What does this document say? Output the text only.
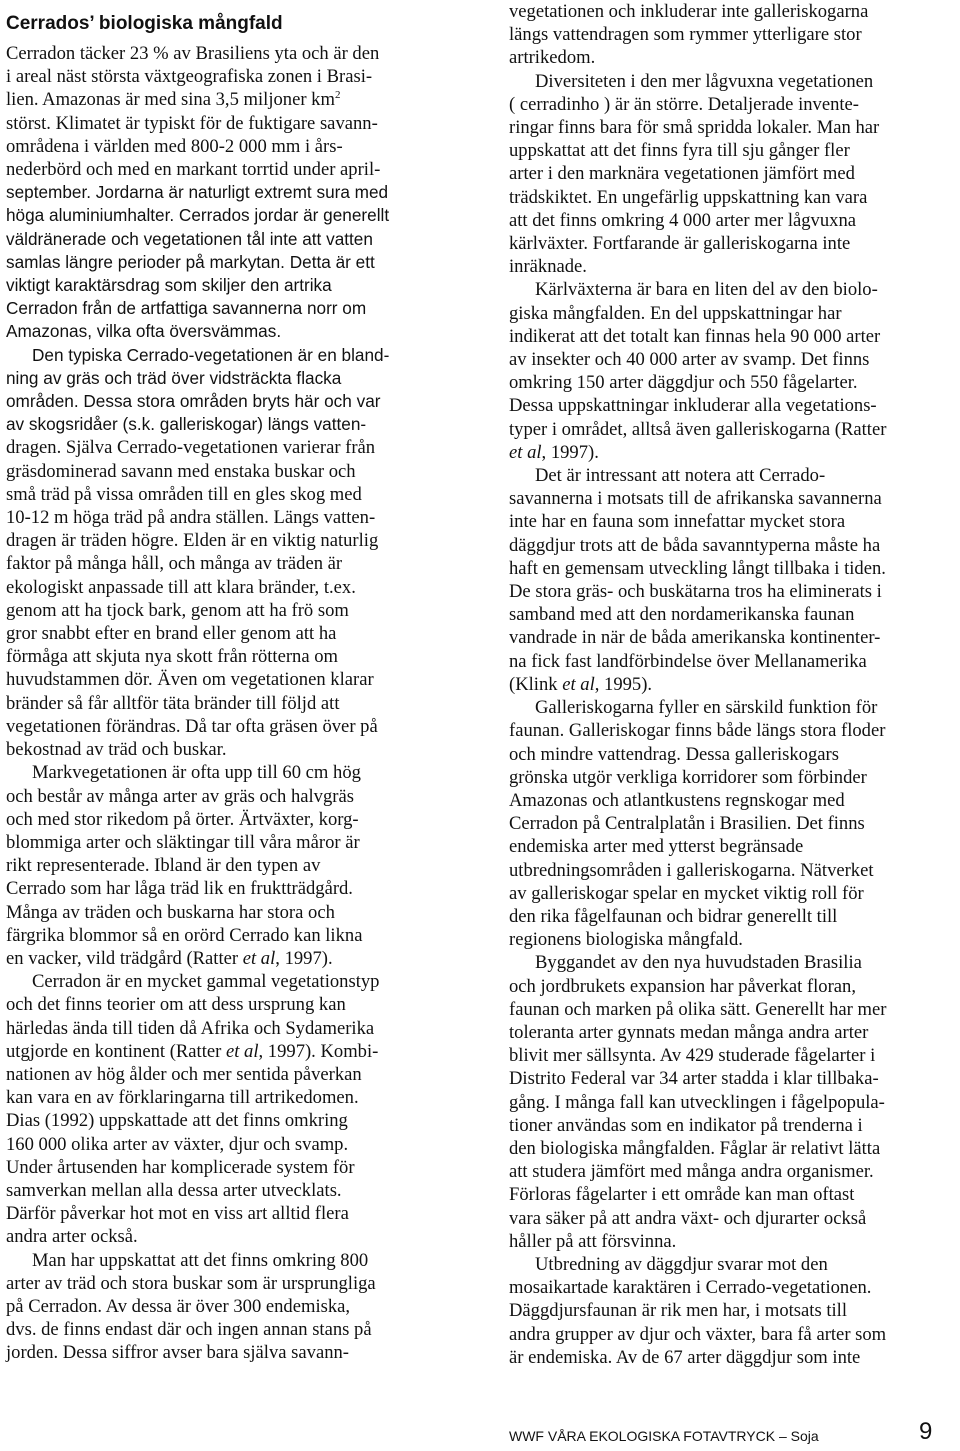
Cerrados’ biologiska mångfald
Cerradon täcker 23 % av Brasiliens yta och är den
i areal näst största växtgeografiska zonen i Brasi-
lien. Amazonas är med sina 3,5 miljoner $km^2$
störst. Klimatet är typiskt för de fuktigare savann-
områdena i världen med 800-2 000 mm i års-
nederbörd och med en markant torrtid under april-
september. Jordarna är naturligt extremt sura med
höga aluminiumhalter. Cerrados jordar är generellt
väldränerade och vegetationen tål inte att vatten
samlas längre perioder på markytan. Detta är ett
viktigt karaktärsdrag som skiljer den artrika
Cerradon från de artfattiga savannerna norr om
Amazonas, vilka ofta översvämmas.
Den typiska Cerrado-vegetationen är en bland-
ning av gräs och träd över vidsträckta flacka
områden. Dessa stora områden bryts här och var
av skogsridåer (s.k. galleriskogar) längs vatten-
dragen. Själva Cerrado-vegetationen varierar från
gräsdominerad savann med enstaka buskar och
små träd på vissa områden till en gles skog med
10-12 m höga träd på andra ställen. Längs vatten-
dragen är träden högre. Elden är en viktig naturlig
faktor på många håll, och många av träden är
ekologiskt anpassade till att klara bränder, t.ex.
genom att ha tjock bark, genom att ha frö som
gror snabbt efter en brand eller genom att ha
förmåga att skjuta nya skott från rötterna om
huvudstammen dör. Även om vegetationen klarar
bränder så får alltför täta bränder till följd att
vegetationen förändras. Då tar ofta gräsen över på
bekostnad av träd och buskar.
Markvegetationen är ofta upp till 60 cm hög
och består av många arter av gräs och halvgräs
och med stor rikedom på örter. Ärtväxter, korg-
blommiga arter och släktingar till våra måror är
rikt representerade. Ibland är den typen av
Cerrado som har låga träd lik en fruktträdgård.
Många av träden och buskarna har stora och
färgrika blommor så en orörd Cerrado kan likna
en vacker, vild trädgård (Ratter et al, 1997).
Cerradon är en mycket gammal vegetationstyp
och det finns teorier om att dess ursprung kan
härledas ända till tiden då Afrika och Sydamerika
utgjorde en kontinent (Ratter et al, 1997). Kombi-
nationen av hög ålder och mer sentida påverkan
kan vara en av förklaringarna till artrikedomen.
Dias (1992) uppskattade att det finns omkring
160 000 olika arter av växter, djur och svamp.
Under årtusenden har komplicerade system för
samverkan mellan alla dessa arter utvecklats.
Därför påverkar hot mot en viss art alltid flera
andra arter också.
Man har uppskattat att det finns omkring 800
arter av träd och stora buskar som är ursprungliga
på Cerradon. Av dessa är över 300 endemiska,
dvs. de finns endast där och ingen annan stans på
jorden. Dessa siffror avser bara själva savann-
vegetationen och inkluderar inte galleriskogarna
längs vattendragen som rymmer ytterligare stor
artrikedom.
Diversiteten i den mer lågvuxna vegetationen
( cerradinho ) är än större. Detaljerade invente-
ringar finns bara för små spridda lokaler. Man har
uppskattat att det finns fyra till sju gånger fler
arter i den marknära vegetationen jämfört med
trädskiktet. En ungefärlig uppskattning kan vara
att det finns omkring 4 000 arter mer lågvuxna
kärlväxter. Fortfarande är galleriskogarna inte
inräknade.
Kärlväxterna är bara en liten del av den biolo-
giska mångfalden. En del uppskattningar har
indikerat att det totalt kan finnas hela 90 000 arter
av insekter och 40 000 arter av svamp. Det finns
omkring 150 arter däggdjur och 550 fågelarter.
Dessa uppskattningar inkluderar alla vegetations-
typer i området, alltså även galleriskogarna (Ratter
et al, 1997).
Det är intressant att notera att Cerrado-
savannerna i motsats till de afrikanska savannerna
inte har en fauna som innefattar mycket stora
däggdjur trots att de båda savanntyperna måste ha
haft en gemensam utveckling långt tillbaka i tiden.
De stora gräs- och buskätarna tros ha eliminerats i
samband med att den nordamerikanska faunan
vandrade in när de båda amerikanska kontinenter-
na fick fast landförbindelse över Mellanamerika
(Klink et al, 1995).
Galleriskogarna fyller en särskild funktion för
faunan. Galleriskogar finns både längs stora floder
och mindre vattendrag. Dessa galleriskogars
grönska utgör verkliga korridorer som förbinder
Amazonas och atlantkustens regnskogar med
Cerradon på Centralplatån i Brasilien. Det finns
endemiska arter med ytterst begränsade
utbredningsområden i galleriskogarna. Nätverket
av galleriskogar spelar en mycket viktig roll för
den rika fågelfaunan och bidrar generellt till
regionens biologiska mångfald.
Byggandet av den nya huvudstaden Brasilia
och jordbrukets expansion har påverkat floran,
faunan och marken på olika sätt. Generellt har mer
toleranta arter gynnats medan många andra arter
blivit mer sällsynta. Av 429 studerade fågelarter i
Distrito Federal var 34 arter stadda i klar tillbaka-
gång. I många fall kan utvecklingen i fågelpopula-
tioner användas som en indikator på trenderna i
den biologiska mångfalden. Fåglar är relativt lätta
att studera jämfört med många andra organismer.
Förloras fågelarter i ett område kan man oftast
vara säker på att andra växt- och djurarter också
håller på att försvinna.
Utbredning av däggdjur svarar mot den
mosaikartade karaktären i Cerrado-vegetationen.
Däggdjursfaunan är rik men har, i motsats till
andra grupper av djur och växter, bara få arter som
är endemiska. Av de 67 arter däggdjur som inte
WWF VÅRA EKOLOGISKA FOTAVTRYCK – Soja	9
